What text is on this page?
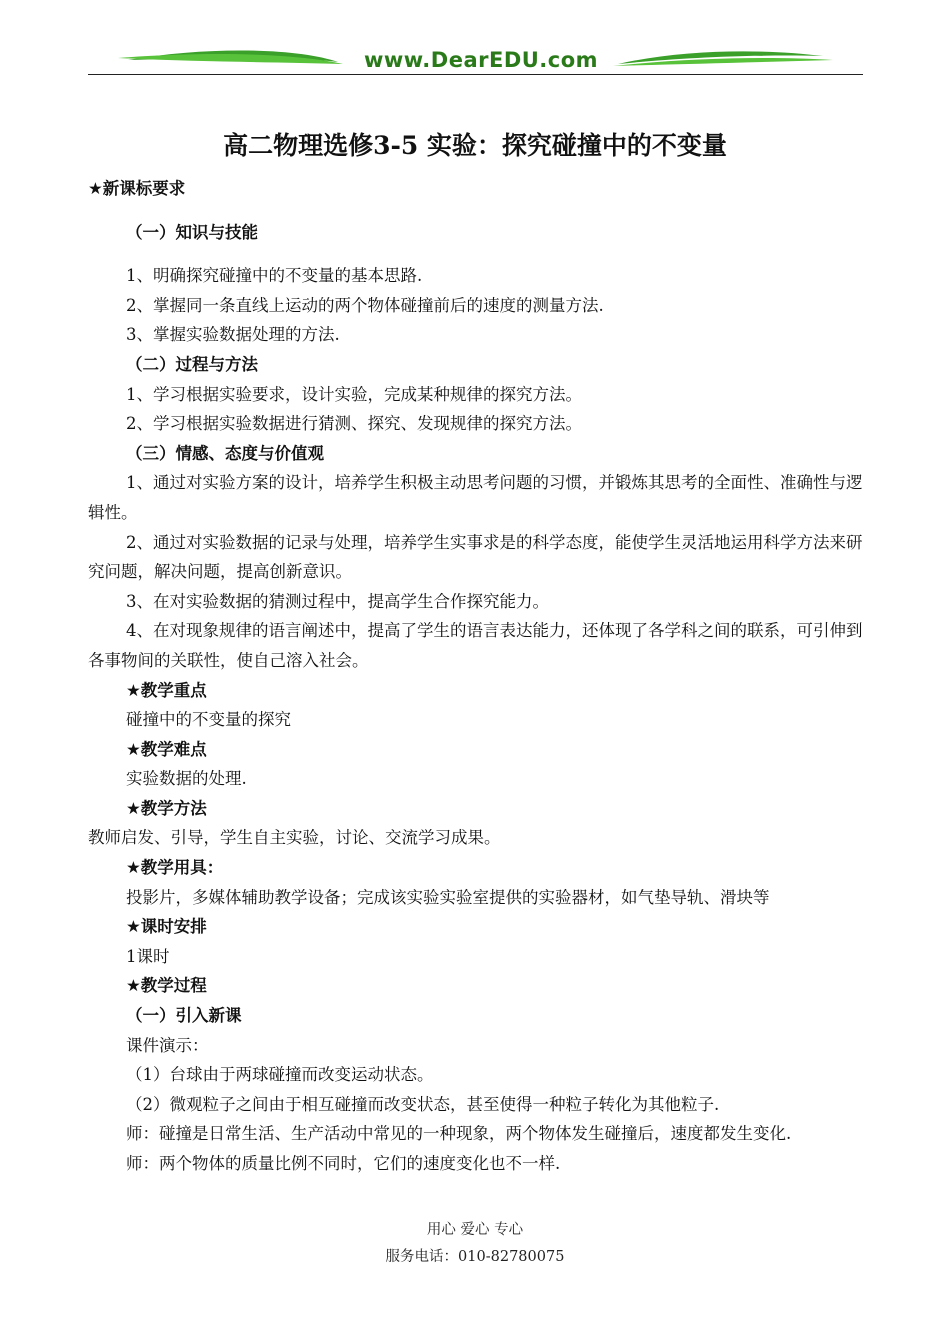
www.DearEDU.com
高二物理选修3-5 实验：探究碰撞中的不变量

★新课标要求

（一）知识与技能

1、明确探究碰撞中的不变量的基本思路.

2、掌握同一条直线上运动的两个物体碰撞前后的速度的测量方法.

3、掌握实验数据处理的方法.

（二）过程与方法

1、学习根据实验要求，设计实验，完成某种规律的探究方法。

2、学习根据实验数据进行猜测、探究、发现规律的探究方法。

（三）情感、态度与价值观

1、通过对实验方案的设计，培养学生积极主动思考问题的习惯，并锻炼其思考的全面性、准确性与逻辑性。

2、通过对实验数据的记录与处理，培养学生实事求是的科学态度，能使学生灵活地运用科学方法来研究问题，解决问题，提高创新意识。

3、在对实验数据的猜测过程中，提高学生合作探究能力。

4、在对现象规律的语言阐述中，提高了学生的语言表达能力，还体现了各学科之间的联系，可引伸到各事物间的关联性，使自己溶入社会。

★教学重点

碰撞中的不变量的探究

★教学难点

实验数据的处理.

★教学方法

教师启发、引导，学生自主实验，讨论、交流学习成果。

★教学用具：

投影片，多媒体辅助教学设备；完成该实验实验室提供的实验器材，如气垫导轨、滑块等

★课时安排

1课时

★教学过程

（一）引入新课

课件演示：

（1）台球由于两球碰撞而改变运动状态。

（2）微观粒子之间由于相互碰撞而改变状态，甚至使得一种粒子转化为其他粒子.

师：碰撞是日常生活、生产活动中常见的一种现象，两个物体发生碰撞后，速度都发生变化.

师：两个物体的质量比例不同时，它们的速度变化也不一样.

用心 爱心 专心
服务电话：010-82780075
